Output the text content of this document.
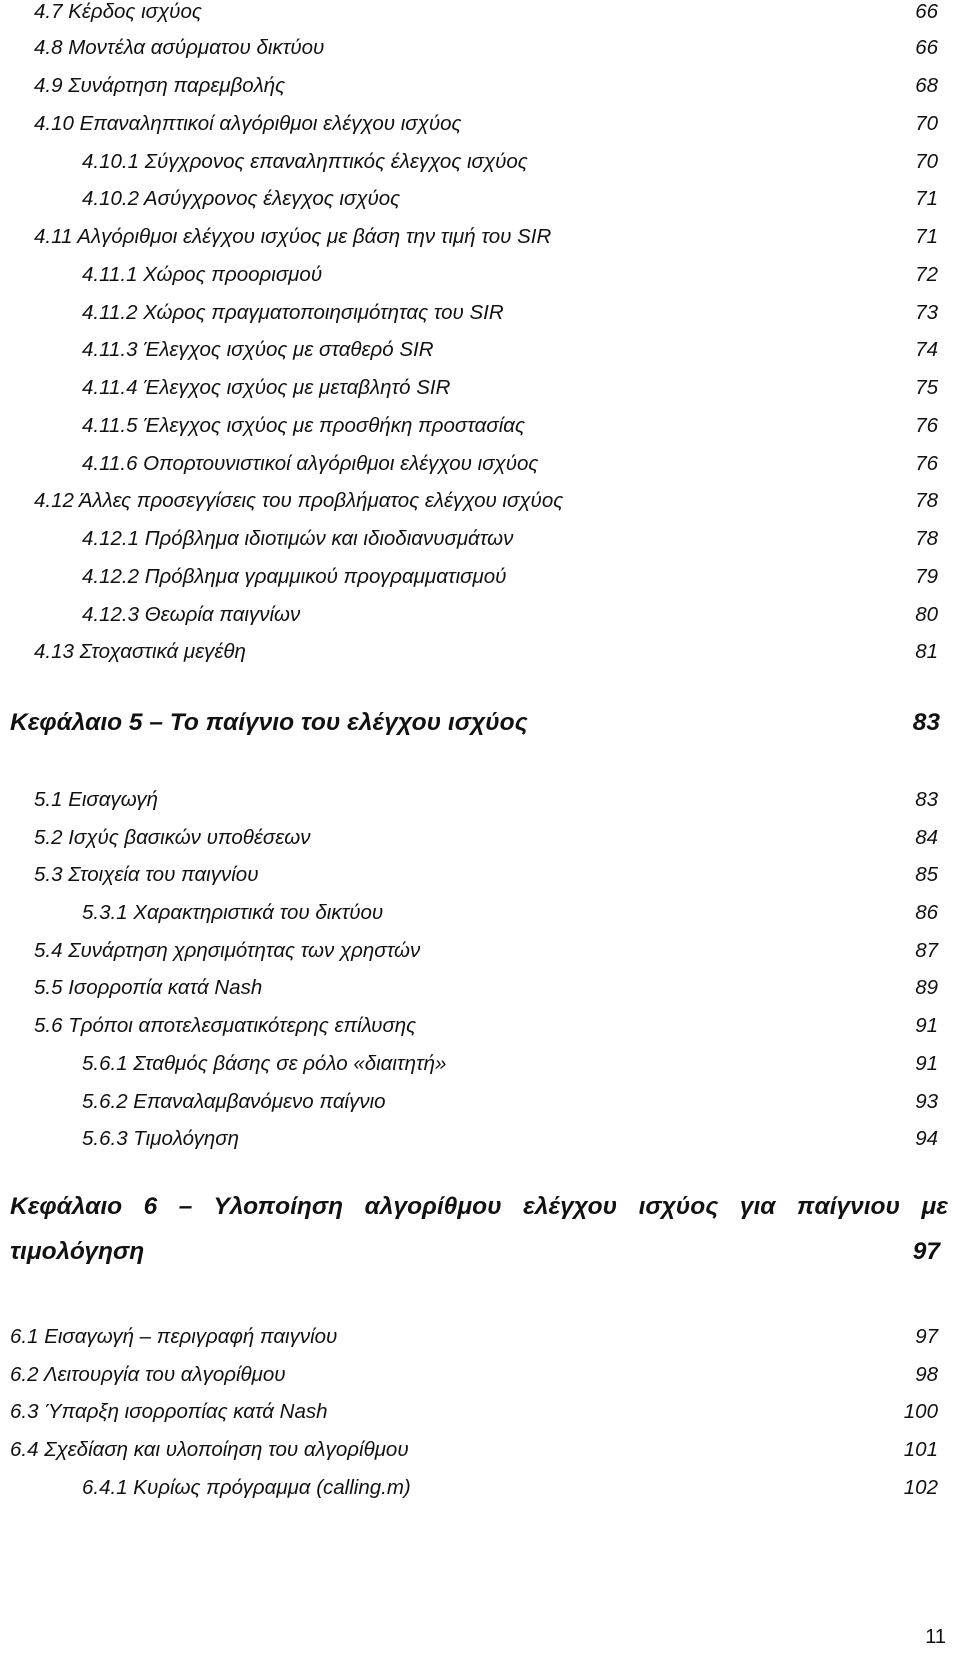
4.7 Κέρδος ισχύος	66
4.8 Μοντέλα ασύρματου δικτύου	66
4.9 Συνάρτηση παρεμβολής	68
4.10 Επαναληπτικοί αλγόριθμοι ελέγχου ισχύος	70
4.10.1 Σύγχρονος επαναληπτικός έλεγχος ισχύος	70
4.10.2 Ασύγχρονος έλεγχος ισχύος	71
4.11 Αλγόριθμοι ελέγχου ισχύος με βάση την τιμή του SIR	71
4.11.1 Χώρος προορισμού	72
4.11.2 Χώρος πραγματοποιησιμότητας του SIR	73
4.11.3 Έλεγχος ισχύος με σταθερό SIR	74
4.11.4 Έλεγχος ισχύος με μεταβλητό SIR	75
4.11.5 Έλεγχος ισχύος με προσθήκη προστασίας	76
4.11.6 Οπορτουνιστικοί αλγόριθμοι ελέγχου ισχύος	76
4.12 Άλλες προσεγγίσεις του προβλήματος ελέγχου ισχύος	78
4.12.1 Πρόβλημα ιδιοτιμών και ιδιοδιανυσμάτων	78
4.12.2 Πρόβλημα γραμμικού προγραμματισμού	79
4.12.3 Θεωρία παιγνίων	80
4.13 Στοχαστικά μεγέθη	81
Κεφάλαιο 5 – Το παίγνιο του ελέγχου ισχύος	83
5.1 Εισαγωγή	83
5.2 Ισχύς βασικών υποθέσεων	84
5.3 Στοιχεία του παιγνίου	85
5.3.1 Χαρακτηριστικά του δικτύου	86
5.4 Συνάρτηση χρησιμότητας των χρηστών	87
5.5 Ισορροπία κατά Nash	89
5.6 Τρόποι αποτελεσματικότερης επίλυσης	91
5.6.1 Σταθμός βάσης σε ρόλο «διαιτητή»	91
5.6.2 Επαναλαμβανόμενο παίγνιο	93
5.6.3 Τιμολόγηση	94
Κεφάλαιο 6 – Υλοποίηση αλγορίθμου ελέγχου ισχύος για παίγνιου με
τιμολόγηση	97
6.1 Εισαγωγή – περιγραφή παιγνίου	97
6.2 Λειτουργία του αλγορίθμου	98
6.3 Ύπαρξη ισορροπίας κατά Nash	100
6.4 Σχεδίαση και υλοποίηση του αλγορίθμου	101
6.4.1 Κυρίως πρόγραμμα (calling.m)	102
11
